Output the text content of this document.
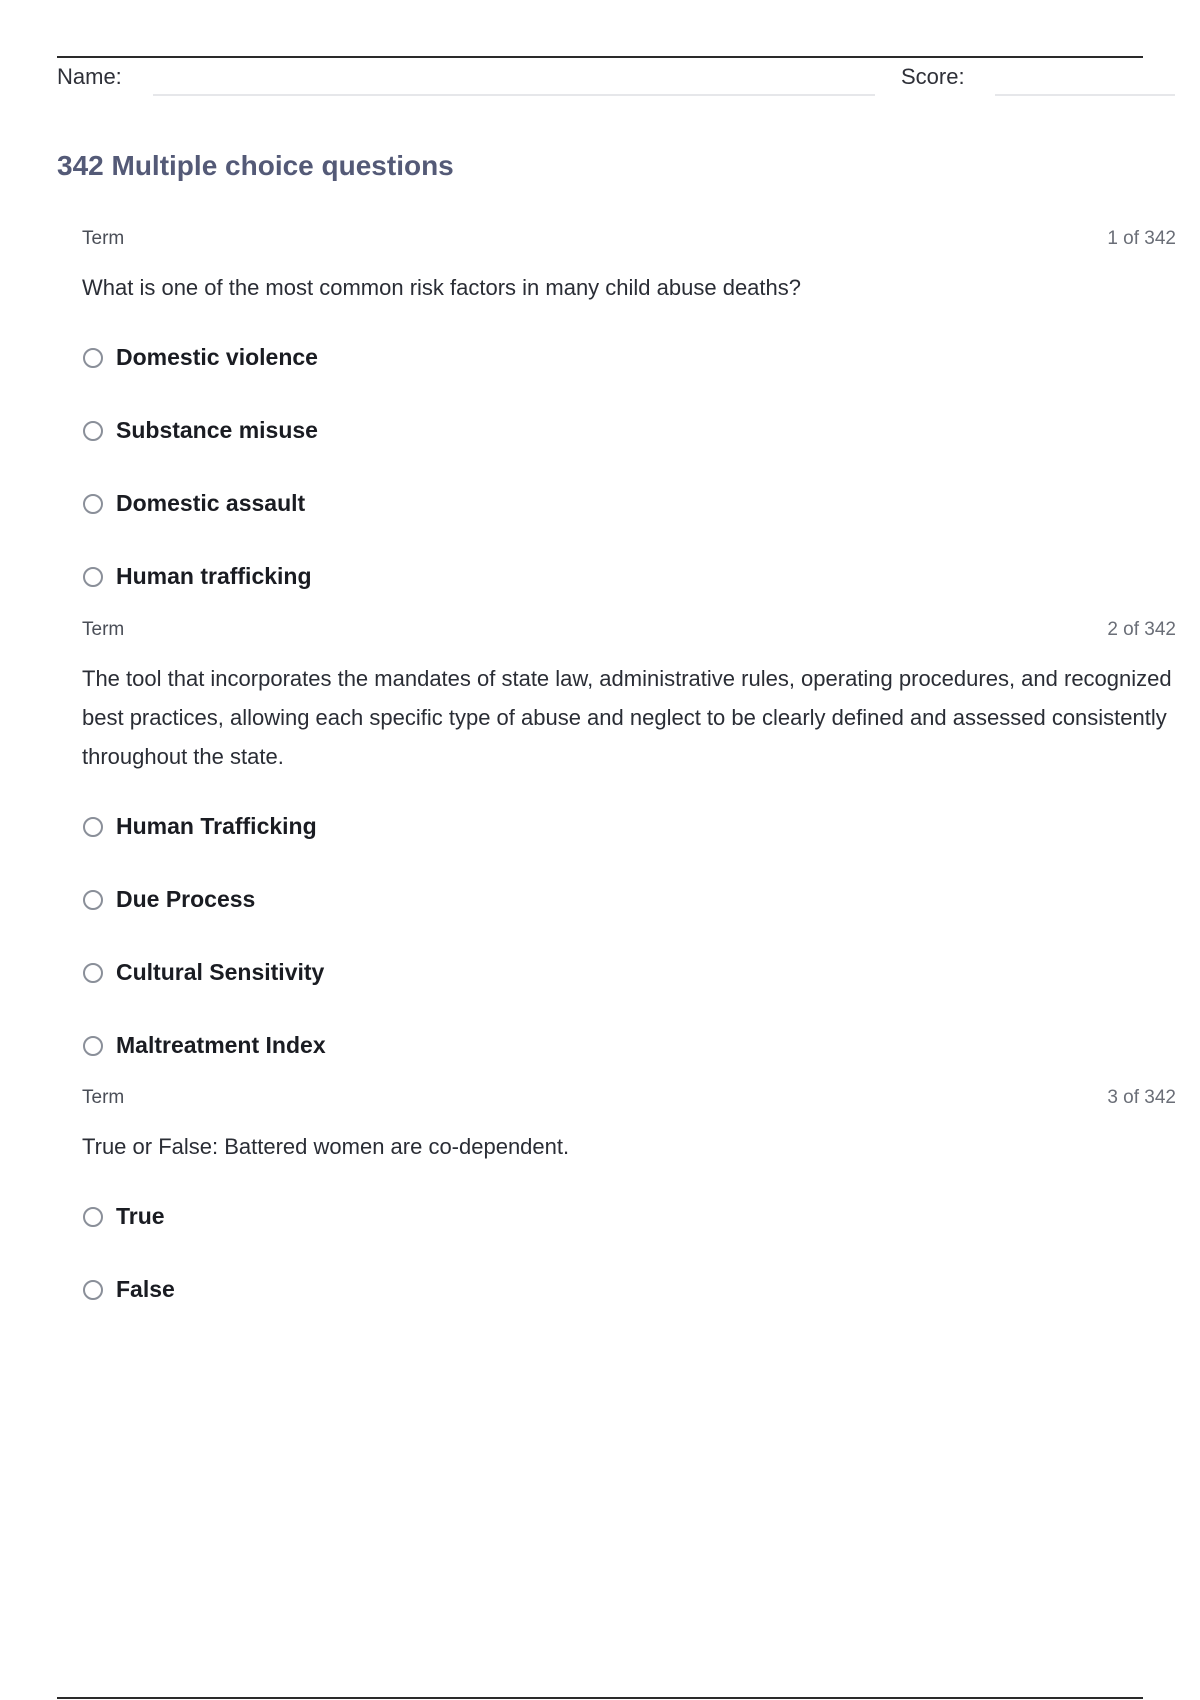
Name:	Score:
342 Multiple choice questions
Term	1 of 342

What is one of the most common risk factors in many child abuse deaths?

Domestic violence
Substance misuse
Domestic assault
Human trafficking
Term	2 of 342

The tool that incorporates the mandates of state law, administrative rules, operating procedures, and recognized best practices, allowing each specific type of abuse and neglect to be clearly defined and assessed consistently throughout the state.

Human Trafficking
Due Process
Cultural Sensitivity
Maltreatment Index
Term	3 of 342

True or False: Battered women are co-dependent.

True
False
